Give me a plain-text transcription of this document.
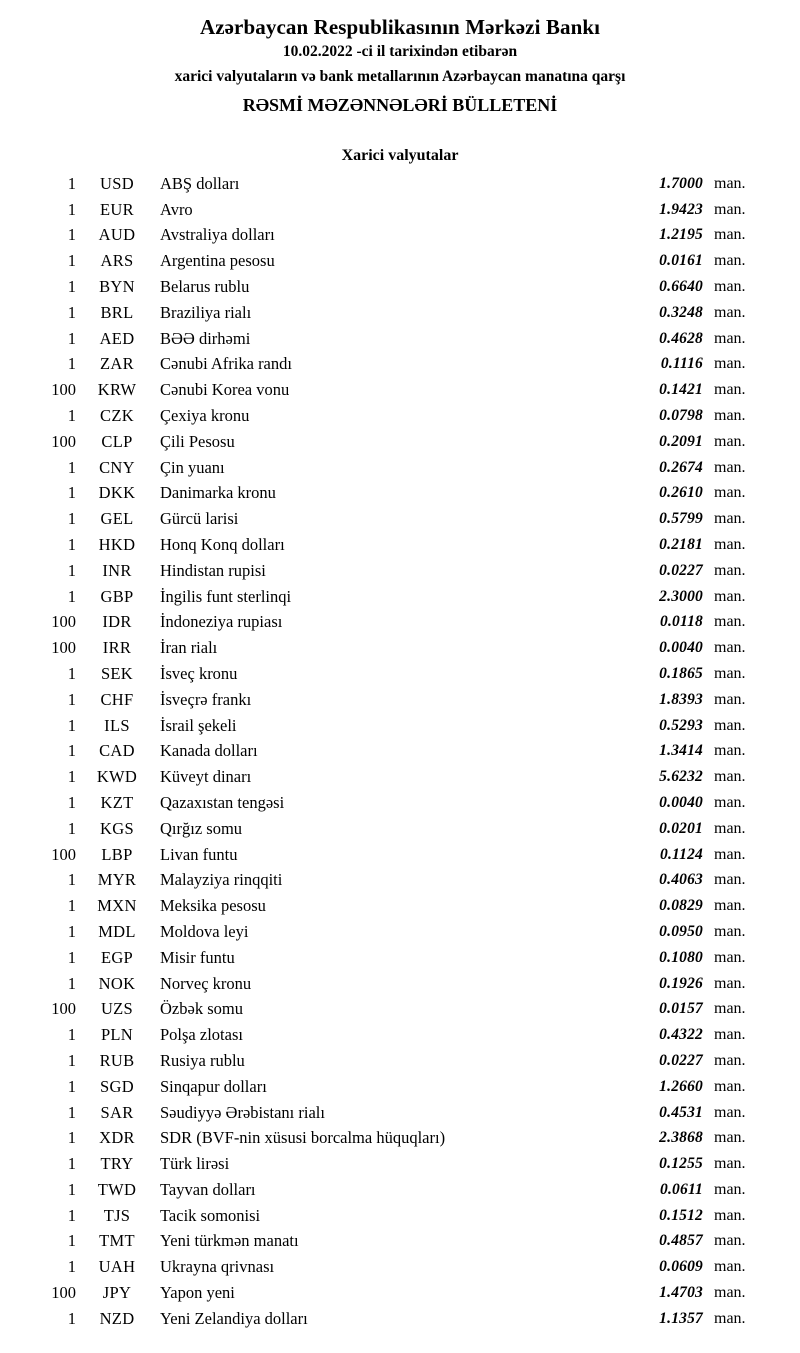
Azərbaycan Respublikasının Mərkəzi Bankı
10.02.2022 -ci il tarixindən etibarən
xarici valyutaların və bank metallarının Azərbaycan manatına qarşı
RƏSMİ MƏZƏNNƏLƏRİ BÜLLETENİ
Xarici valyutalar
1	USD	ABŞ dolları	1.7000	man.
1	EUR	Avro	1.9423	man.
1	AUD	Avstraliya dolları	1.2195	man.
1	ARS	Argentina pesosu	0.0161	man.
1	BYN	Belarus rublu	0.6640	man.
1	BRL	Braziliya rialı	0.3248	man.
1	AED	BƏƏ dirhəmi	0.4628	man.
1	ZAR	Cənubi Afrika randı	0.1116	man.
100	KRW	Cənubi Korea vonu	0.1421	man.
1	CZK	Çexiya kronu	0.0798	man.
100	CLP	Çili Pesosu	0.2091	man.
1	CNY	Çin yuanı	0.2674	man.
1	DKK	Danimarka kronu	0.2610	man.
1	GEL	Gürcü larisi	0.5799	man.
1	HKD	Honq Konq dolları	0.2181	man.
1	INR	Hindistan rupisi	0.0227	man.
1	GBP	İngilis funt sterlinqi	2.3000	man.
100	IDR	İndoneziya rupiası	0.0118	man.
100	IRR	İran rialı	0.0040	man.
1	SEK	İsveç kronu	0.1865	man.
1	CHF	İsveçrə frankı	1.8393	man.
1	ILS	İsrail şekeli	0.5293	man.
1	CAD	Kanada dolları	1.3414	man.
1	KWD	Küveyt dinarı	5.6232	man.
1	KZT	Qazaxıstan tengəsi	0.0040	man.
1	KGS	Qırğız somu	0.0201	man.
100	LBP	Livan funtu	0.1124	man.
1	MYR	Malayziya rinqqiti	0.4063	man.
1	MXN	Meksika pesosu	0.0829	man.
1	MDL	Moldova leyi	0.0950	man.
1	EGP	Misir funtu	0.1080	man.
1	NOK	Norveç kronu	0.1926	man.
100	UZS	Özbək somu	0.0157	man.
1	PLN	Polşa zlotası	0.4322	man.
1	RUB	Rusiya rublu	0.0227	man.
1	SGD	Sinqapur dolları	1.2660	man.
1	SAR	Səudiyyə Ərəbistanı rialı	0.4531	man.
1	XDR	SDR (BVF-nin xüsusi borcalma hüquqları)	2.3868	man.
1	TRY	Türk lirəsi	0.1255	man.
1	TWD	Tayvan dolları	0.0611	man.
1	TJS	Tacik somonisi	0.1512	man.
1	TMT	Yeni türkmən manatı	0.4857	man.
1	UAH	Ukrayna qrivnası	0.0609	man.
100	JPY	Yapon yeni	1.4703	man.
1	NZD	Yeni Zelandiya dolları	1.1357	man.
